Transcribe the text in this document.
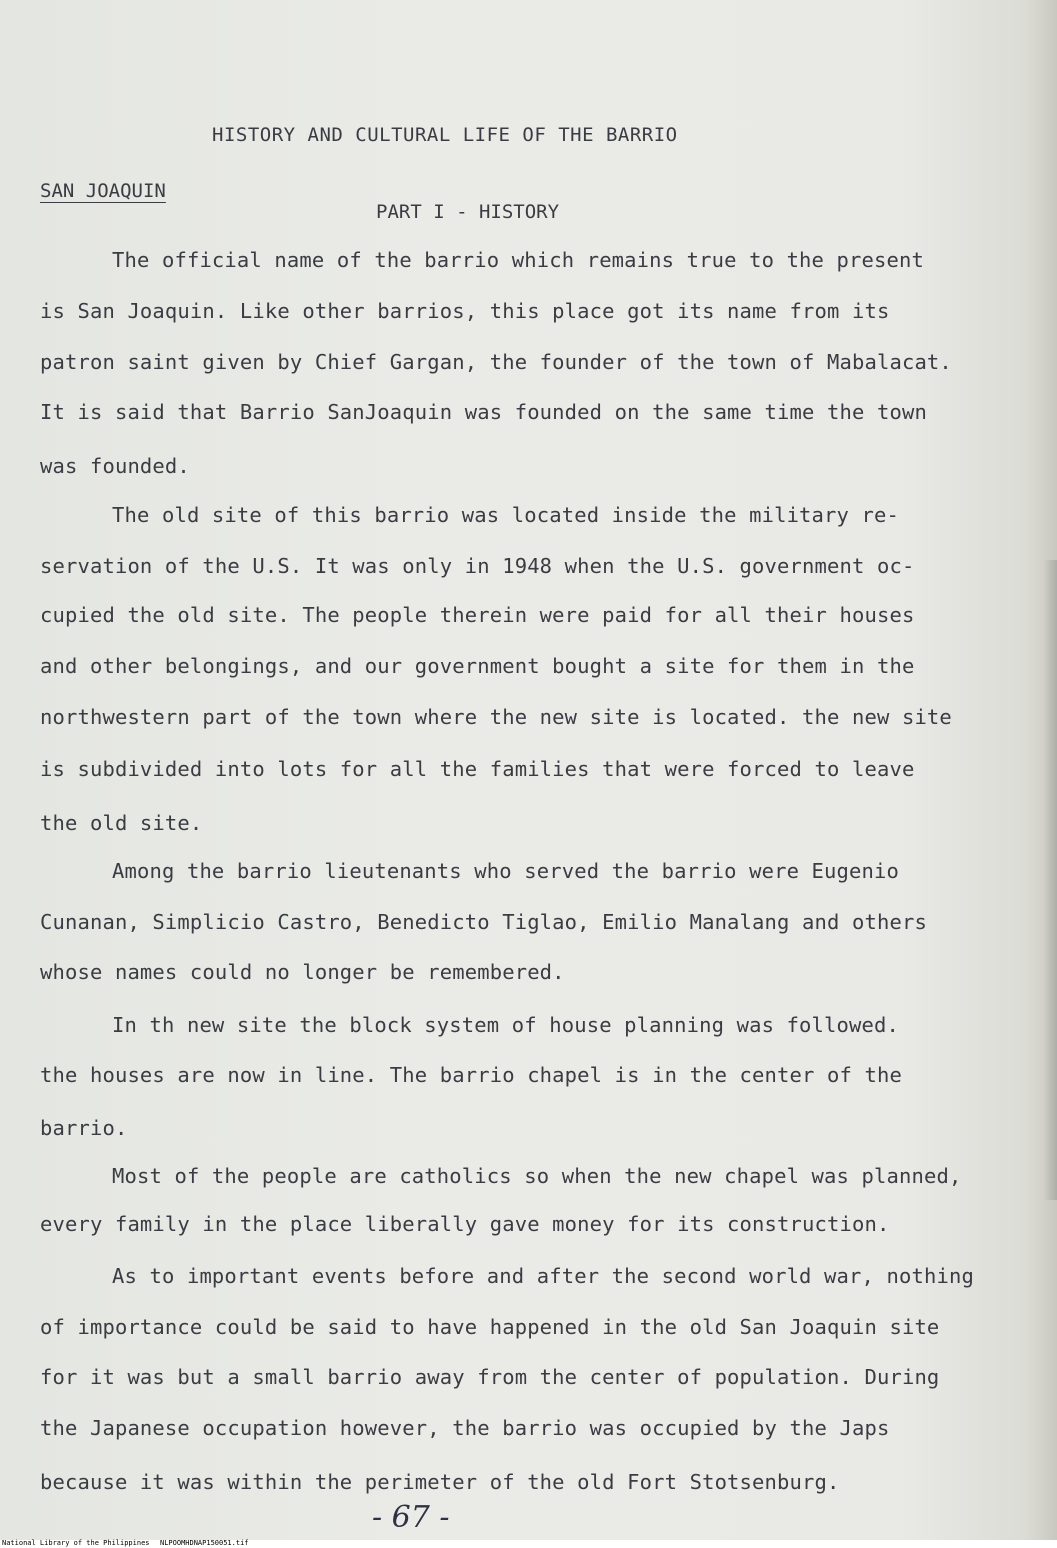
HISTORY AND CULTURAL LIFE OF THE BARRIO
SAN JOAQUIN
PART I - HISTORY
The official name of the barrio which remains true to the present
is San Joaquin. Like other barrios, this place got its name from its
patron saint given by Chief Gargan, the founder of the town of Mabalacat.
It is said that Barrio SanJoaquin was founded on the same time the town
was founded.
The old site of this barrio was located inside the military re-
servation of the U.S. It was only in 1948 when the U.S. government oc-
cupied the old site. The people therein were paid for all their houses
and other belongings, and our government bought a site for them in the
northwestern part of the town where the new site is located. the new site
is subdivided into lots for all the families that were forced to leave
the old site.
Among the barrio lieutenants who served the barrio were Eugenio
Cunanan, Simplicio Castro, Benedicto Tiglao, Emilio Manalang and others
whose names could no longer be remembered.
In th new site the block system of house planning was followed.
the houses are now in line. The barrio chapel is in the center of the
barrio.
Most of the people are catholics so when the new chapel was planned,
every family in the place liberally gave money for its construction.
As to important events before and after the second world war, nothing
of importance could be said to have happened in the old San Joaquin site
for it was but a small barrio away from the center of population. During
the Japanese occupation however, the barrio was occupied by the Japs
because it was within the perimeter of the old Fort Stotsenburg.
- 67 -
National Library of the Philippines NLPOOMHDNAP150051.tif
